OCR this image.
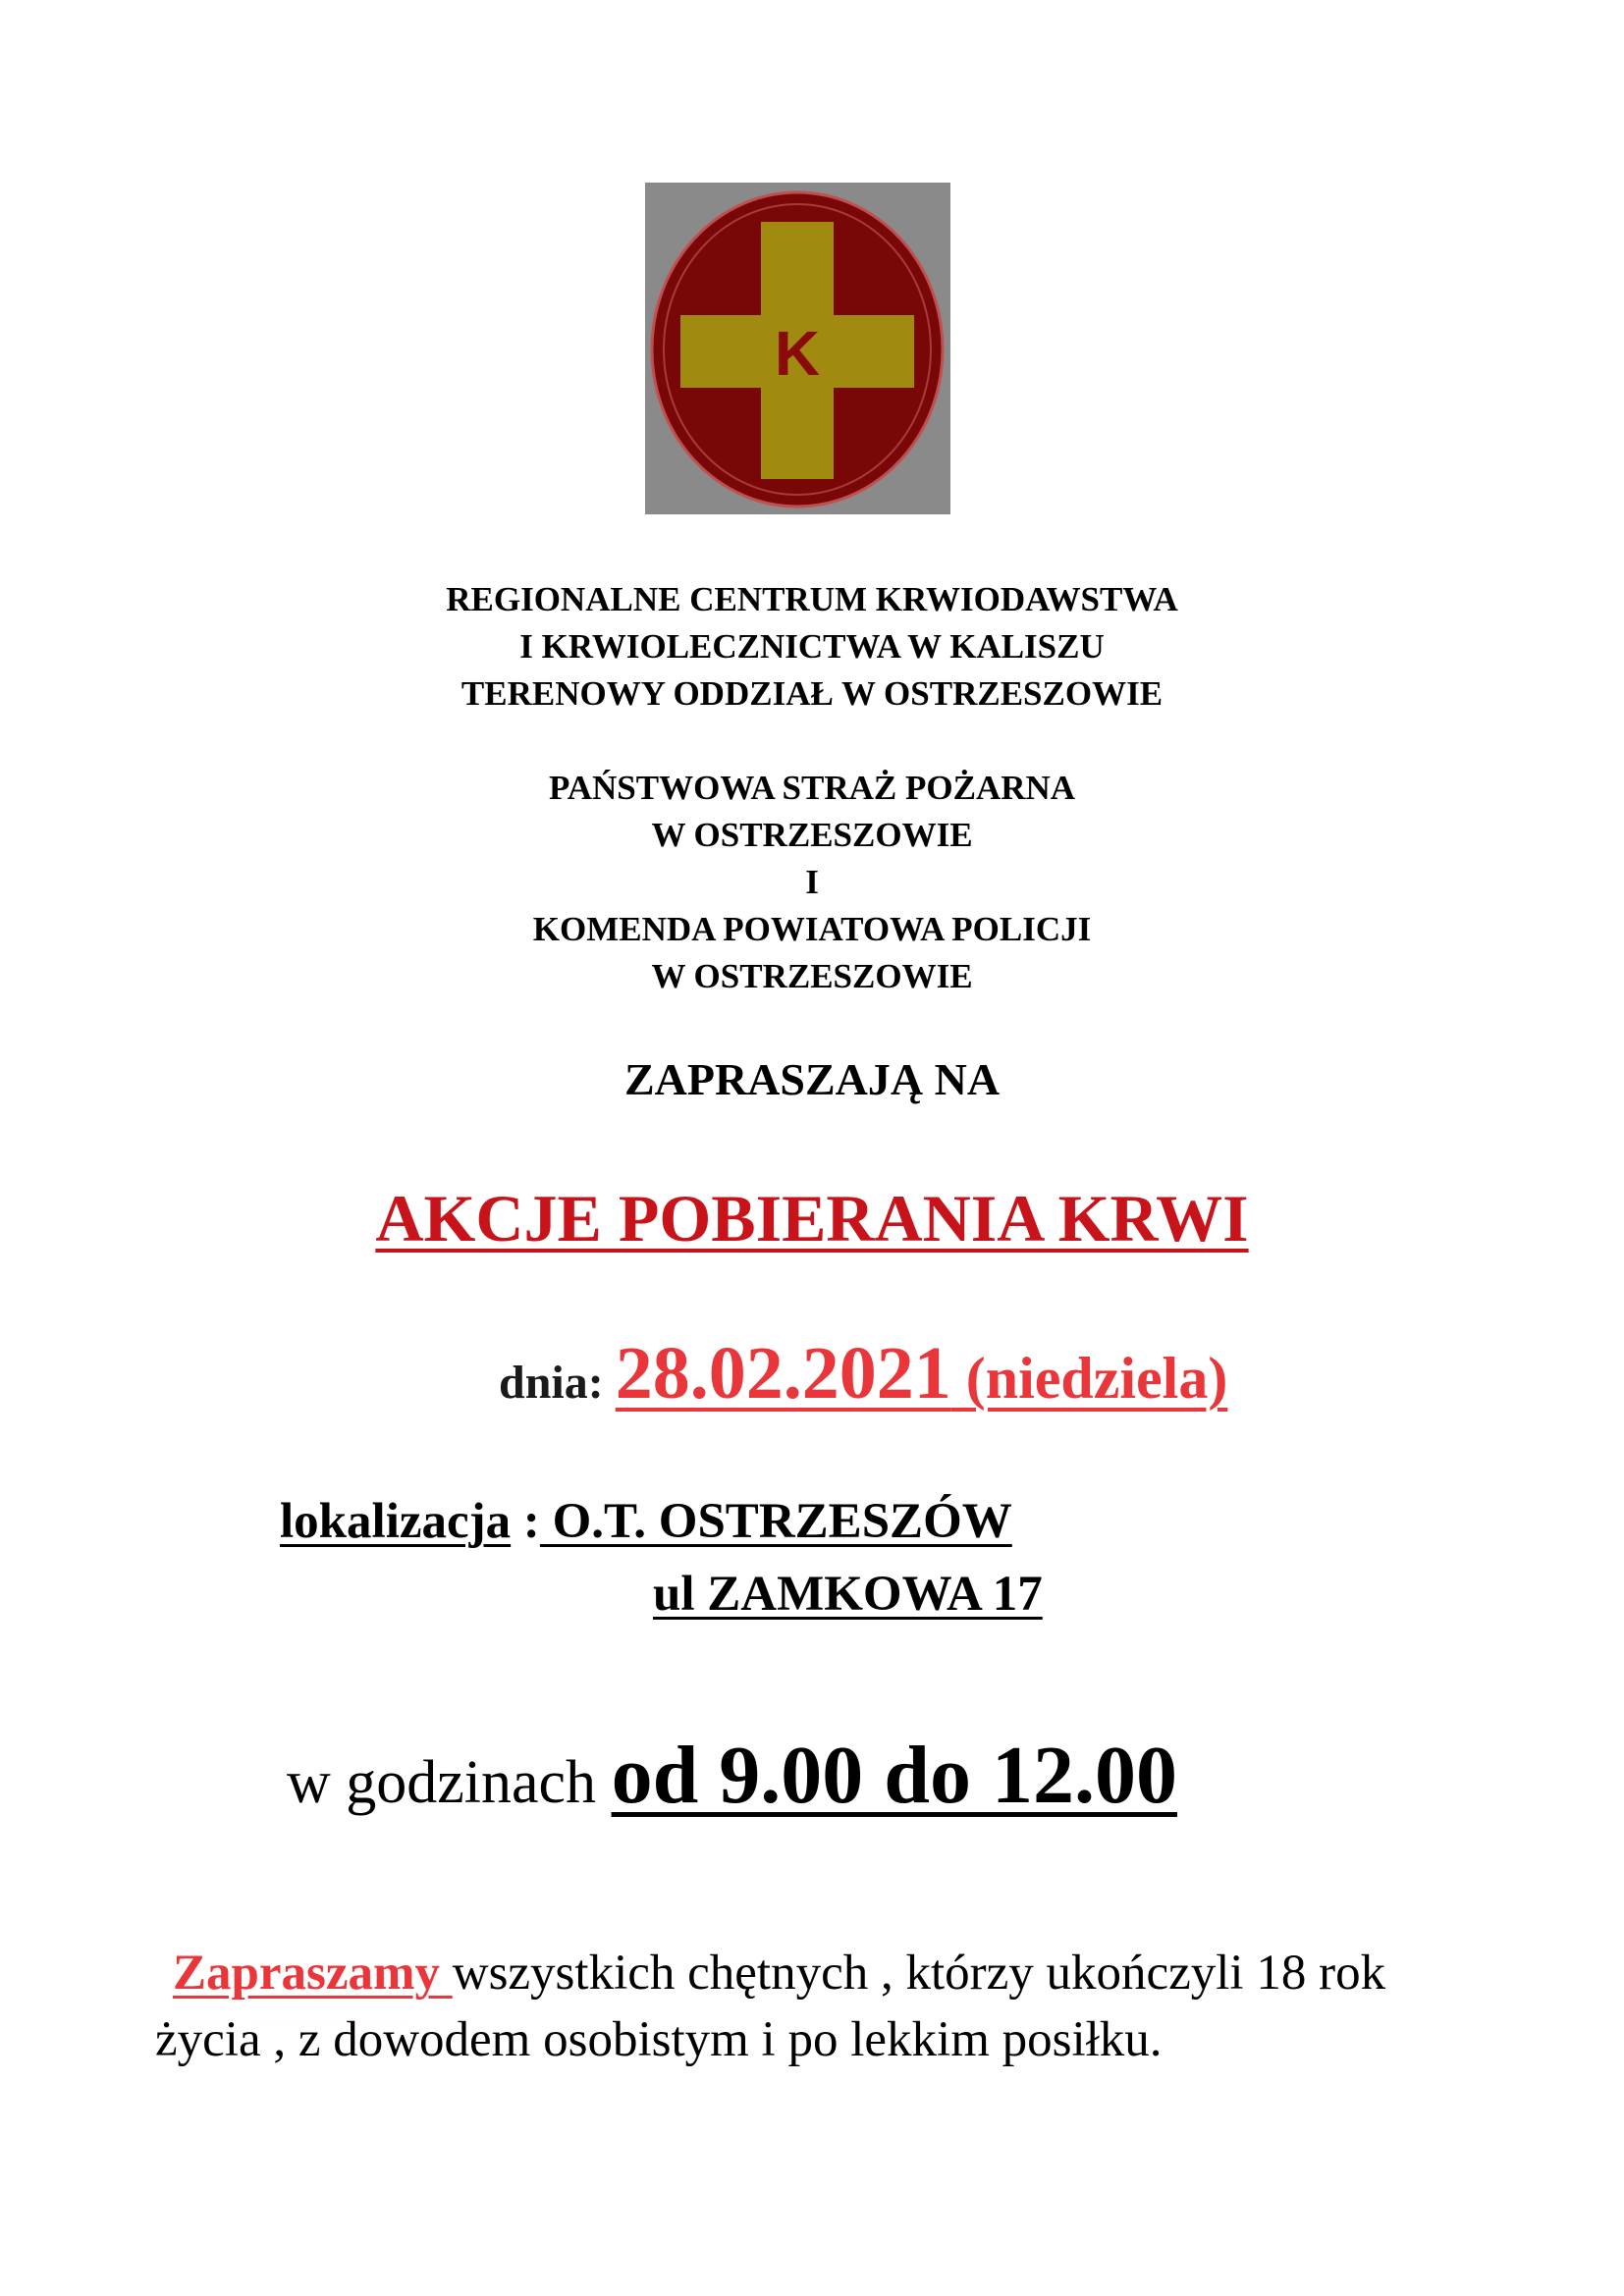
K
REGIONALNE CENTRUM KRWIODAWSTWA
I KRWIOLECZNICTWA W KALISZU
TERENOWY ODDZIAŁ W OSTRZESZOWIE
PAŃSTWOWA STRAŻ POŻARNA
W OSTRZESZOWIE
I
KOMENDA POWIATOWA POLICJI
W OSTRZESZOWIE
ZAPRASZAJĄ NA
AKCJE POBIERANIA KRWI
dnia: 28.02.2021 (niedziela)
lokalizacja : O.T. OSTRZESZÓW
ul ZAMKOWA 17
w godzinach od 9.00 do 12.00
Zapraszamy wszystkich chętnych , którzy ukończyli 18 rok życia , z dowodem osobistym i po lekkim posiłku.
